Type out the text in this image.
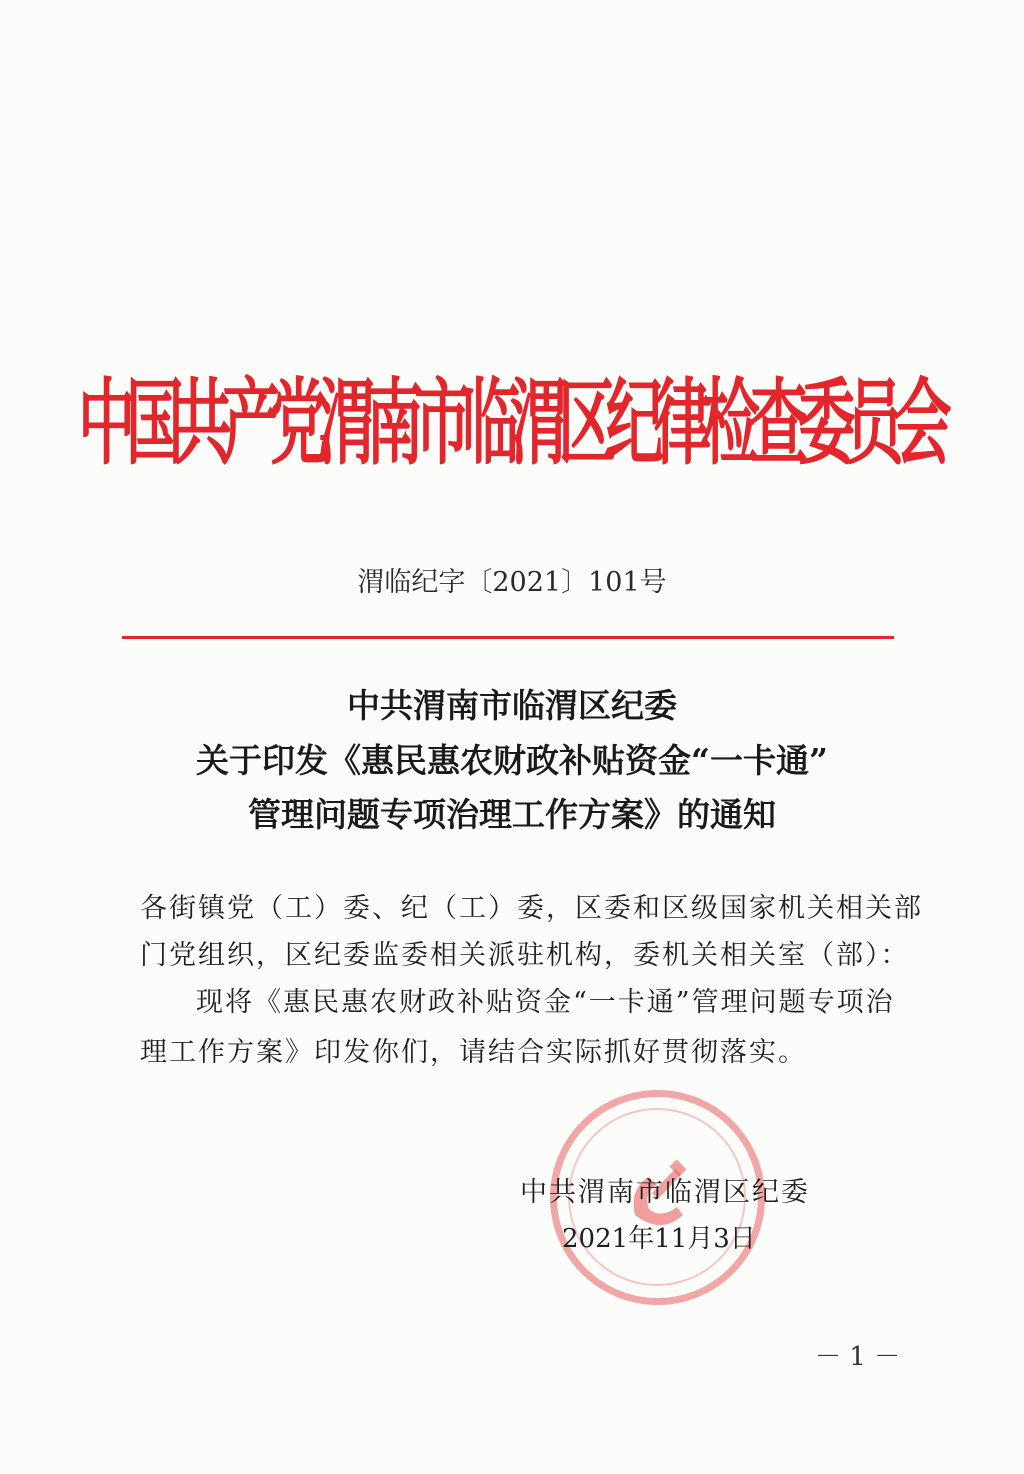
中国共产党渭南市临渭区纪律检查委员会
渭临纪字〔2021〕101号
中共渭南市临渭区纪委
关于印发《惠民惠农财政补贴资金“一卡通”
管理问题专项治理工作方案》的通知
各街镇党（工）委、纪（工）委，区委和区级国家机关相关部
门党组织，区纪委监委相关派驻机构，委机关相关室（部）：
现将《惠民惠农财政补贴资金“一卡通”管理问题专项治
理工作方案》印发你们，请结合实际抓好贯彻落实。
中共渭南市临渭区纪委
2021年11月3日
－ 1 －
